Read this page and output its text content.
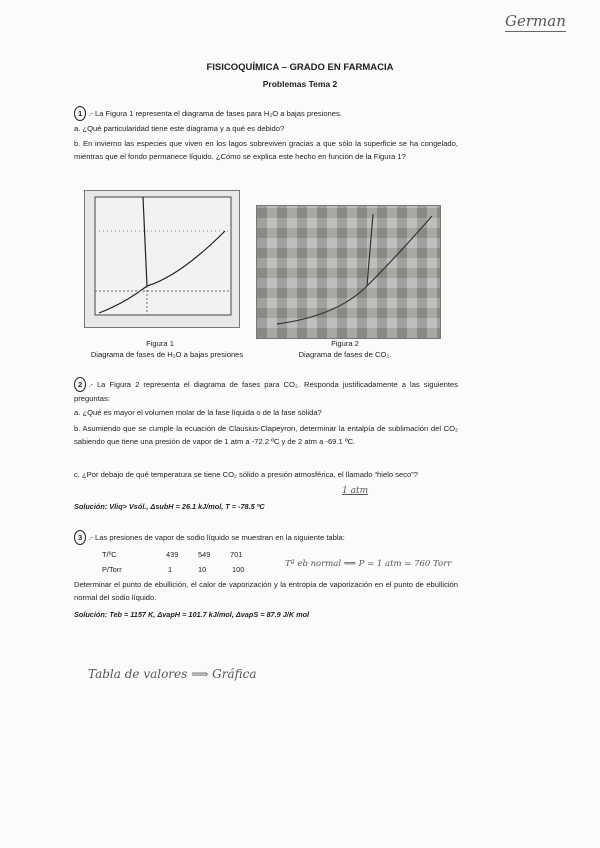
German
FISICOQUÍMICA – GRADO EN FARMACIA
Problemas Tema 2
1 .- La Figura 1 representa el diagrama de fases para H₂O a bajas presiones.
a. ¿Qué particularidad tiene este diagrama y a qué es debido?
b. En invierno las especies que viven en los lagos sobreviven gracias a que sólo la superficie se ha congelado, mientras que el fondo permanece líquido. ¿Cómo se explica este hecho en función de la Figura 1?
Figura 1
Diagrama de fases de H₂O a bajas presiones
Figura 2
Diagrama de fases de CO₂.
2 .- La Figura 2 representa el diagrama de fases para CO₂. Responda justificadamente a las siguientes preguntas:
a. ¿Qué es mayor el volumen molar de la fase líquida o de la fase sólida?
b. Asumiendo que se cumple la ecuación de Clausius-Clapeyron, determinar la entalpía de sublimación del CO₂ sabiendo que tiene una presión de vapor de 1 atm a -72.2 ºC y de 2 atm a -69.1 ºC.
c. ¿Por debajo de qué temperatura se tiene CO₂ sólido a presión atmosférica, el llamado “hielo seco”?
1 atm
Solución: Vliq> Vsól., ΔsubH = 26.1 kJ/mol, T = -78.5 ºC
3 .- Las presiones de vapor de sodio líquido se muestran en la siguiente tabla:
T/ºC	439	549	701
P/Torr	1	10	100
Tª eb normal ⟹ P = 1 atm = 760 Torr
Determinar el punto de ebullición, el calor de vaporización y la entropía de vaporización en el punto de ebullición normal del sodio líquido.
Solución: Teb = 1157 K, ΔvapH = 101.7 kJ/mol, ΔvapS = 87.9 J/K mol
Tabla de valores ⟹ Gráfica
